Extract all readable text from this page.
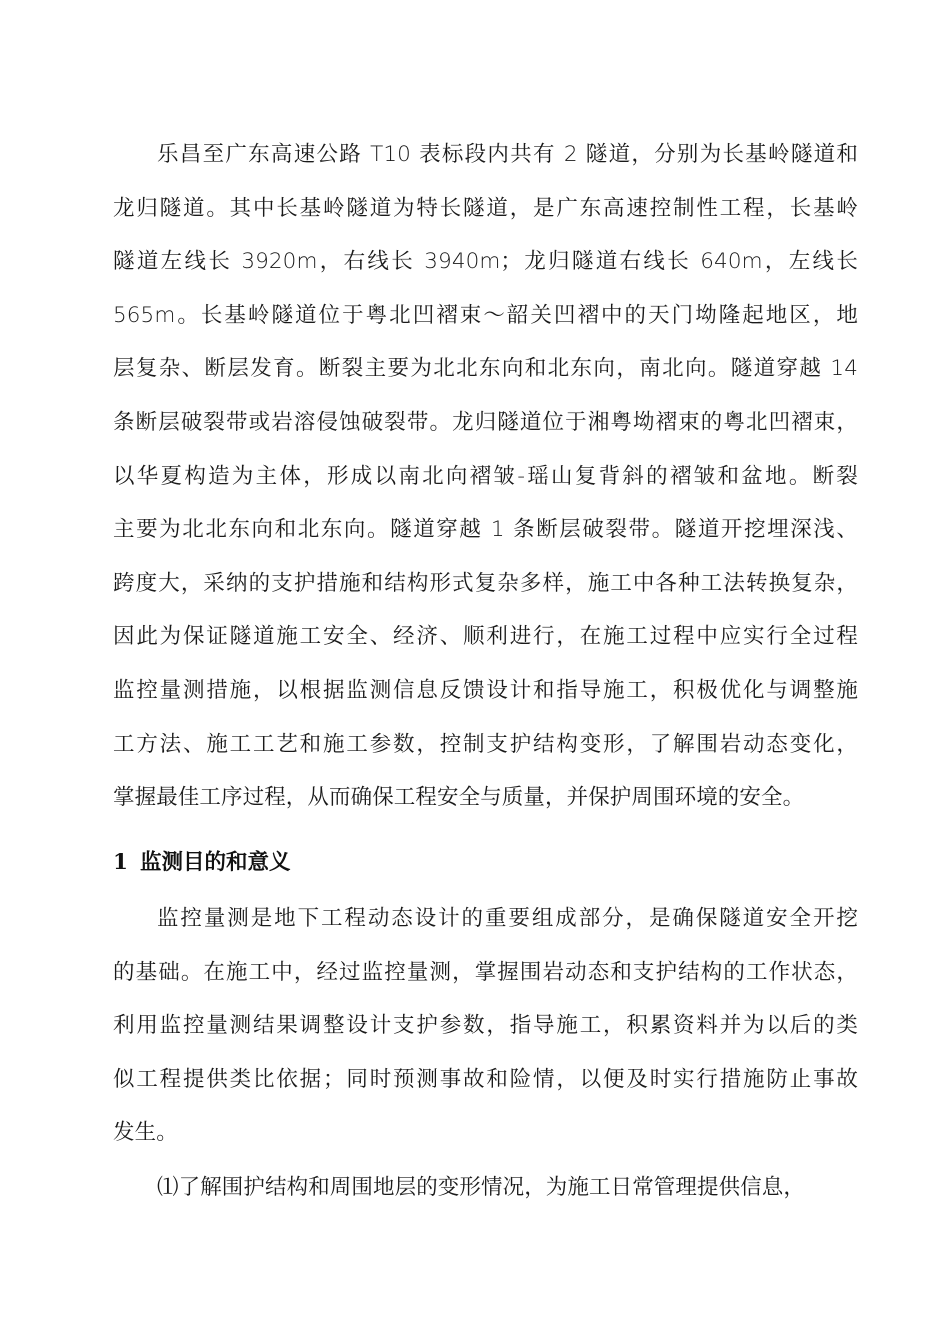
乐昌至广东高速公路 T10 表标段内共有 2 隧道，分别为长基岭隧道和
龙归隧道。其中长基岭隧道为特长隧道，是广东高速控制性工程，长基岭
隧道左线长 3920m，右线长 3940m；龙归隧道右线长 640m，左线长
565m。长基岭隧道位于粤北凹褶束～韶关凹褶中的天门坳隆起地区，地
层复杂、断层发育。断裂主要为北北东向和北东向，南北向。隧道穿越 14
条断层破裂带或岩溶侵蚀破裂带。龙归隧道位于湘粤坳褶束的粤北凹褶束，
以华夏构造为主体，形成以南北向褶皱-瑶山复背斜的褶皱和盆地。断裂
主要为北北东向和北东向。隧道穿越 1 条断层破裂带。隧道开挖埋深浅、
跨度大，采纳的支护措施和结构形式复杂多样，施工中各种工法转换复杂，
因此为保证隧道施工安全、经济、顺利进行，在施工过程中应实行全过程
监控量测措施，以根据监测信息反馈设计和指导施工，积极优化与调整施
工方法、施工工艺和施工参数，控制支护结构变形，了解围岩动态变化，
掌握最佳工序过程，从而确保工程安全与质量，并保护周围环境的安全。
1 监测目的和意义
监控量测是地下工程动态设计的重要组成部分，是确保隧道安全开挖
的基础。在施工中，经过监控量测，掌握围岩动态和支护结构的工作状态，
利用监控量测结果调整设计支护参数，指导施工，积累资料并为以后的类
似工程提供类比依据；同时预测事故和险情，以便及时实行措施防止事故
发生。
⑴了解围护结构和周围地层的变形情况，为施工日常管理提供信息，
